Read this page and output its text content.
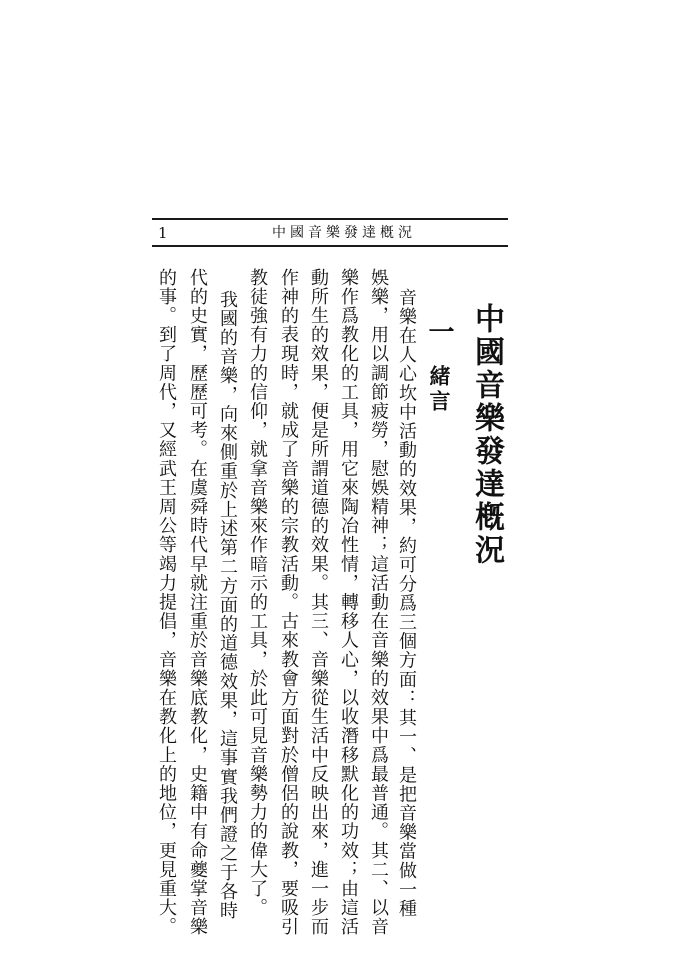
1	中國音樂發達槪況
中國音樂發達槪況
一
緒言
音樂在人心坎中活動的效果，約可分爲三個方面：其一、是把音樂當做一種
娛樂，用以調節疲勞，慰娛精神；這活動在音樂的效果中爲最普通。其二、以音
樂作爲教化的工具，用它來陶冶性情，轉移人心，以收潛移默化的功效；由這活
動所生的效果，便是所謂道德的效果。其三、音樂從生活中反映出來，進一步而
作神的表現時，就成了音樂的宗教活動。古來教會方面對於僧侶的說教，要吸引
教徒強有力的信仰，就拿音樂來作暗示的工具，於此可見音樂勢力的偉大了。
我國的音樂，向來側重於上述第二方面的道德效果，這事實我們證之于各時
代的史實，歷歷可考。在虞舜時代早就注重於音樂底教化，史籍中有命夔掌音樂
的事。到了周代，又經武王周公等竭力提倡，音樂在教化上的地位，更見重大。
